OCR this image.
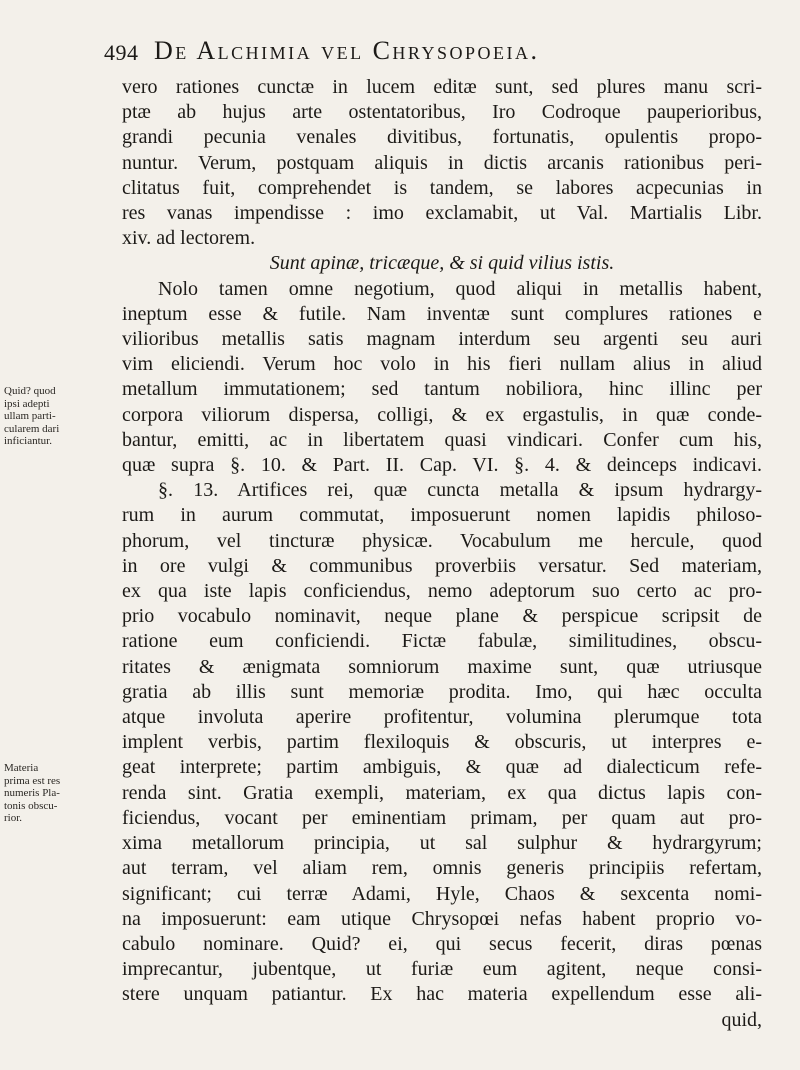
494 De Alchimia vel Chrysopoeia.
Quid? quod
ipsi adepti
ullam parti-
cularem dari
inficiantur.
Materia
prima est res
numeris Pla-
tonis obscu-
rior.
vero rationes cunctæ in lucem editæ sunt, sed plures manu scri-
ptæ ab hujus arte ostentatoribus, Iro Codroque pauperioribus,
grandi pecunia venales divitibus, fortunatis, opulentis propo-
nuntur. Verum, postquam aliquis in dictis arcanis rationibus peri-
clitatus fuit, comprehendet is tandem, se labores acpecunias in
res vanas impendisse : imo exclamabit, ut Val. Martialis Libr.
xiv. ad lectorem.
Sunt apinæ, tricæque, & si quid vilius istis.
Nolo tamen omne negotium, quod aliqui in metallis habent,
ineptum esse & futile. Nam inventæ sunt complures rationes e
vilioribus metallis satis magnam interdum seu argenti seu auri
vim eliciendi. Verum hoc volo in his fieri nullam alius in aliud
metallum immutationem; sed tantum nobiliora, hinc illinc per
corpora viliorum dispersa, colligi, & ex ergastulis, in quæ conde-
bantur, emitti, ac in libertatem quasi vindicari. Confer cum his,
quæ supra §. 10. & Part. II. Cap. VI. §. 4. & deinceps indicavi.
§. 13. Artifices rei, quæ cuncta metalla & ipsum hydrargy-
rum in aurum commutat, imposuerunt nomen lapidis philoso-
phorum, vel tincturæ physicæ. Vocabulum me hercule, quod
in ore vulgi & communibus proverbiis versatur. Sed materiam,
ex qua iste lapis conficiendus, nemo adeptorum suo certo ac pro-
prio vocabulo nominavit, neque plane & perspicue scripsit de
ratione eum conficiendi. Fictæ fabulæ, similitudines, obscu-
ritates & ænigmata somniorum maxime sunt, quæ utriusque
gratia ab illis sunt memoriæ prodita. Imo, qui hæc occulta
atque involuta aperire profitentur, volumina plerumque tota
implent verbis, partim flexiloquis & obscuris, ut interpres e-
geat interprete; partim ambiguis, & quæ ad dialecticum refe-
renda sint. Gratia exempli, materiam, ex qua dictus lapis con-
ficiendus, vocant per eminentiam primam, per quam aut pro-
xima metallorum principia, ut sal sulphur & hydrargyrum;
aut terram, vel aliam rem, omnis generis principiis refertam,
significant; cui terræ Adami, Hyle, Chaos & sexcenta nomi-
na imposuerunt: eam utique Chrysopœi nefas habent proprio vo-
cabulo nominare. Quid? ei, qui secus fecerit, diras pœnas
imprecantur, jubentque, ut furiæ eum agitent, neque consi-
stere unquam patiantur. Ex hac materia expellendum esse ali-
quid,
